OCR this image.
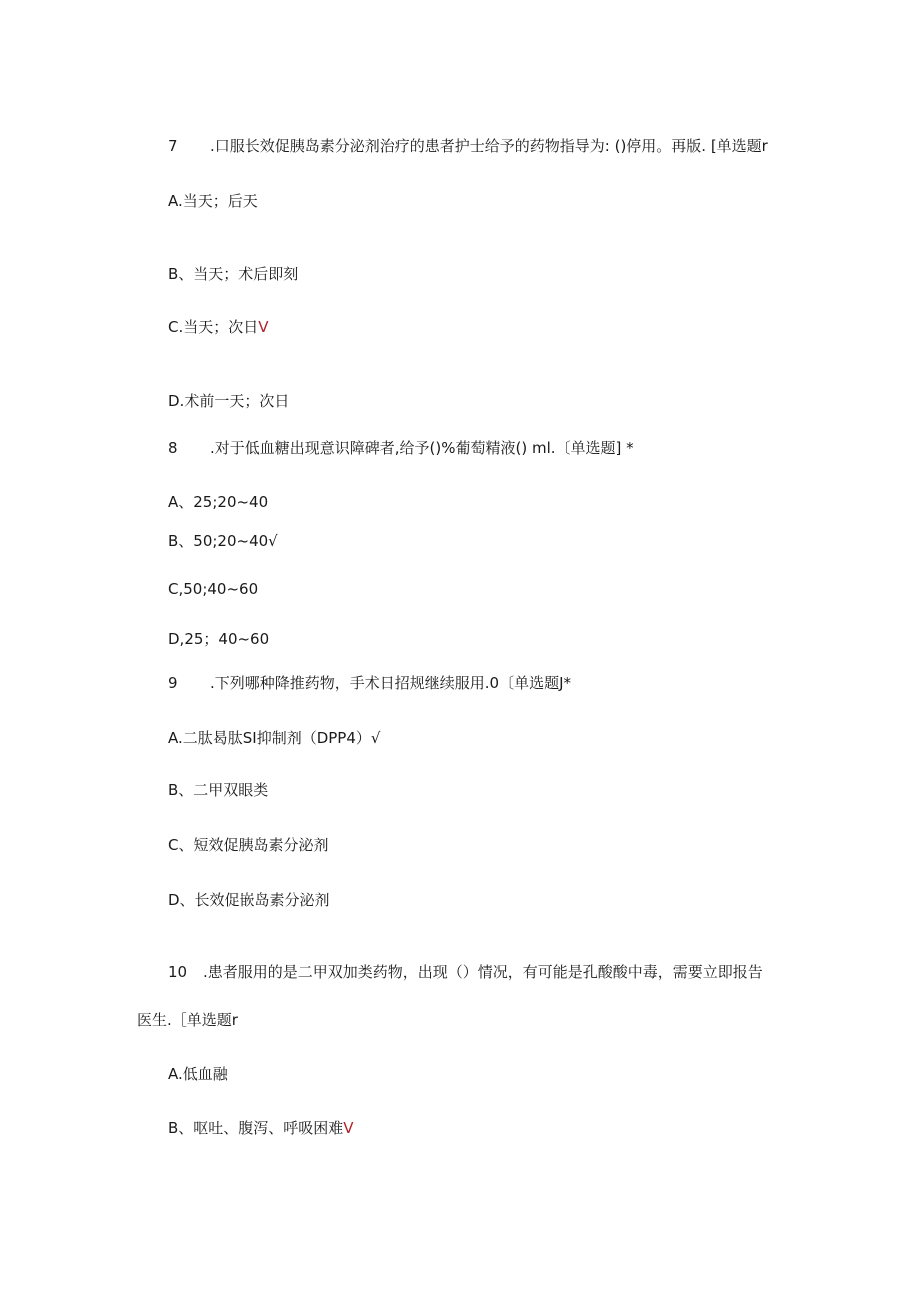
7 .口服长效促胰岛素分泌剂治疗的患者护士给予的药物指导为: ()停用。再版. [单选题r
A.当天；后天
B、当天；术后即刻
C.当天；次日V
D.术前一天；次日
8 .对于低血糖出现意识障碑者,给予()%葡萄精液() ml.〔单选题] *
A、25;20~40
B、50;20~40√
C,50;40~60
D,25；40~60
9 .下列哪种降推药物，手术日招规继续服用.0〔单选题J*
A.二肽曷肽SI抑制剂（DPP4）√
B、二甲双眼类
C、短效促胰岛素分泌剂
D、长效促嵌岛素分泌剂
10 .患者服用的是二甲双加类药物，出现（）情况，有可能是孔酸酸中毒，需要立即报告
医生.［单选题r
A.低血融
B、呕吐、腹泻、呼吸困难V
